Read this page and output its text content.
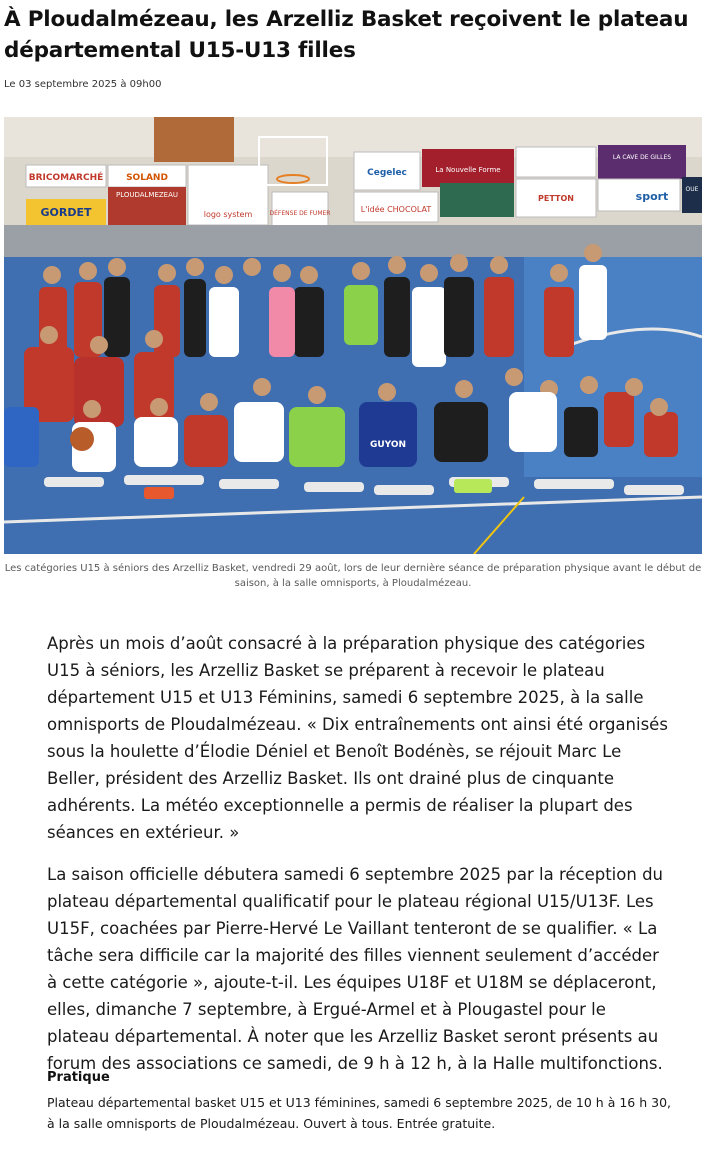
À Ploudalmézeau, les Arzelliz Basket reçoivent le plateau départemental U15-U13 filles
Le 03 septembre 2025 à 09h00
BRICOMARCHÉ	SOLAND
PLOUDALMEZEAU
GORDET	logo system	DÉFENSE DE FUMER
Cegelec	La Nouvelle Forme
LA CAVE DE GILLES
L'idée CHOCOLAT
PETTON	sport
OUE
GUYON
Les catégories U15 à séniors des Arzelliz Basket, vendredi 29 août, lors de leur dernière séance de préparation physique avant le début de saison, à la salle omnisports, à Ploudalmézeau.

Après un mois d’août consacré à la préparation physique des catégories U15 à séniors, les Arzelliz Basket se préparent à recevoir le plateau département U15 et U13 Féminins, samedi 6 septembre 2025, à la salle omnisports de Ploudalmézeau. « Dix entraînements ont ainsi été organisés sous la houlette d’Élodie Déniel et Benoît Bodénès, se réjouit Marc Le Beller, président des Arzelliz Basket. Ils ont drainé plus de cinquante adhérents. La météo exceptionnelle a permis de réaliser la plupart des séances en extérieur. »

La saison officielle débutera samedi 6 septembre 2025 par la réception du plateau départemental qualificatif pour le plateau régional U15/U13F. Les U15F, coachées par Pierre-Hervé Le Vaillant tenteront de se qualifier. « La tâche sera difficile car la majorité des filles viennent seulement d’accéder à cette catégorie », ajoute-t-il. Les équipes U18F et U18M se déplaceront, elles, dimanche 7 septembre, à Ergué-Armel et à Plougastel pour le plateau départemental. À noter que les Arzelliz Basket seront présents au forum des associations ce samedi, de 9 h à 12 h, à la Halle multifonctions.

Pratique
Plateau départemental basket U15 et U13 féminines, samedi 6 septembre 2025, de 10 h à 16 h 30, à la salle omnisports de Ploudalmézeau. Ouvert à tous. Entrée gratuite.
